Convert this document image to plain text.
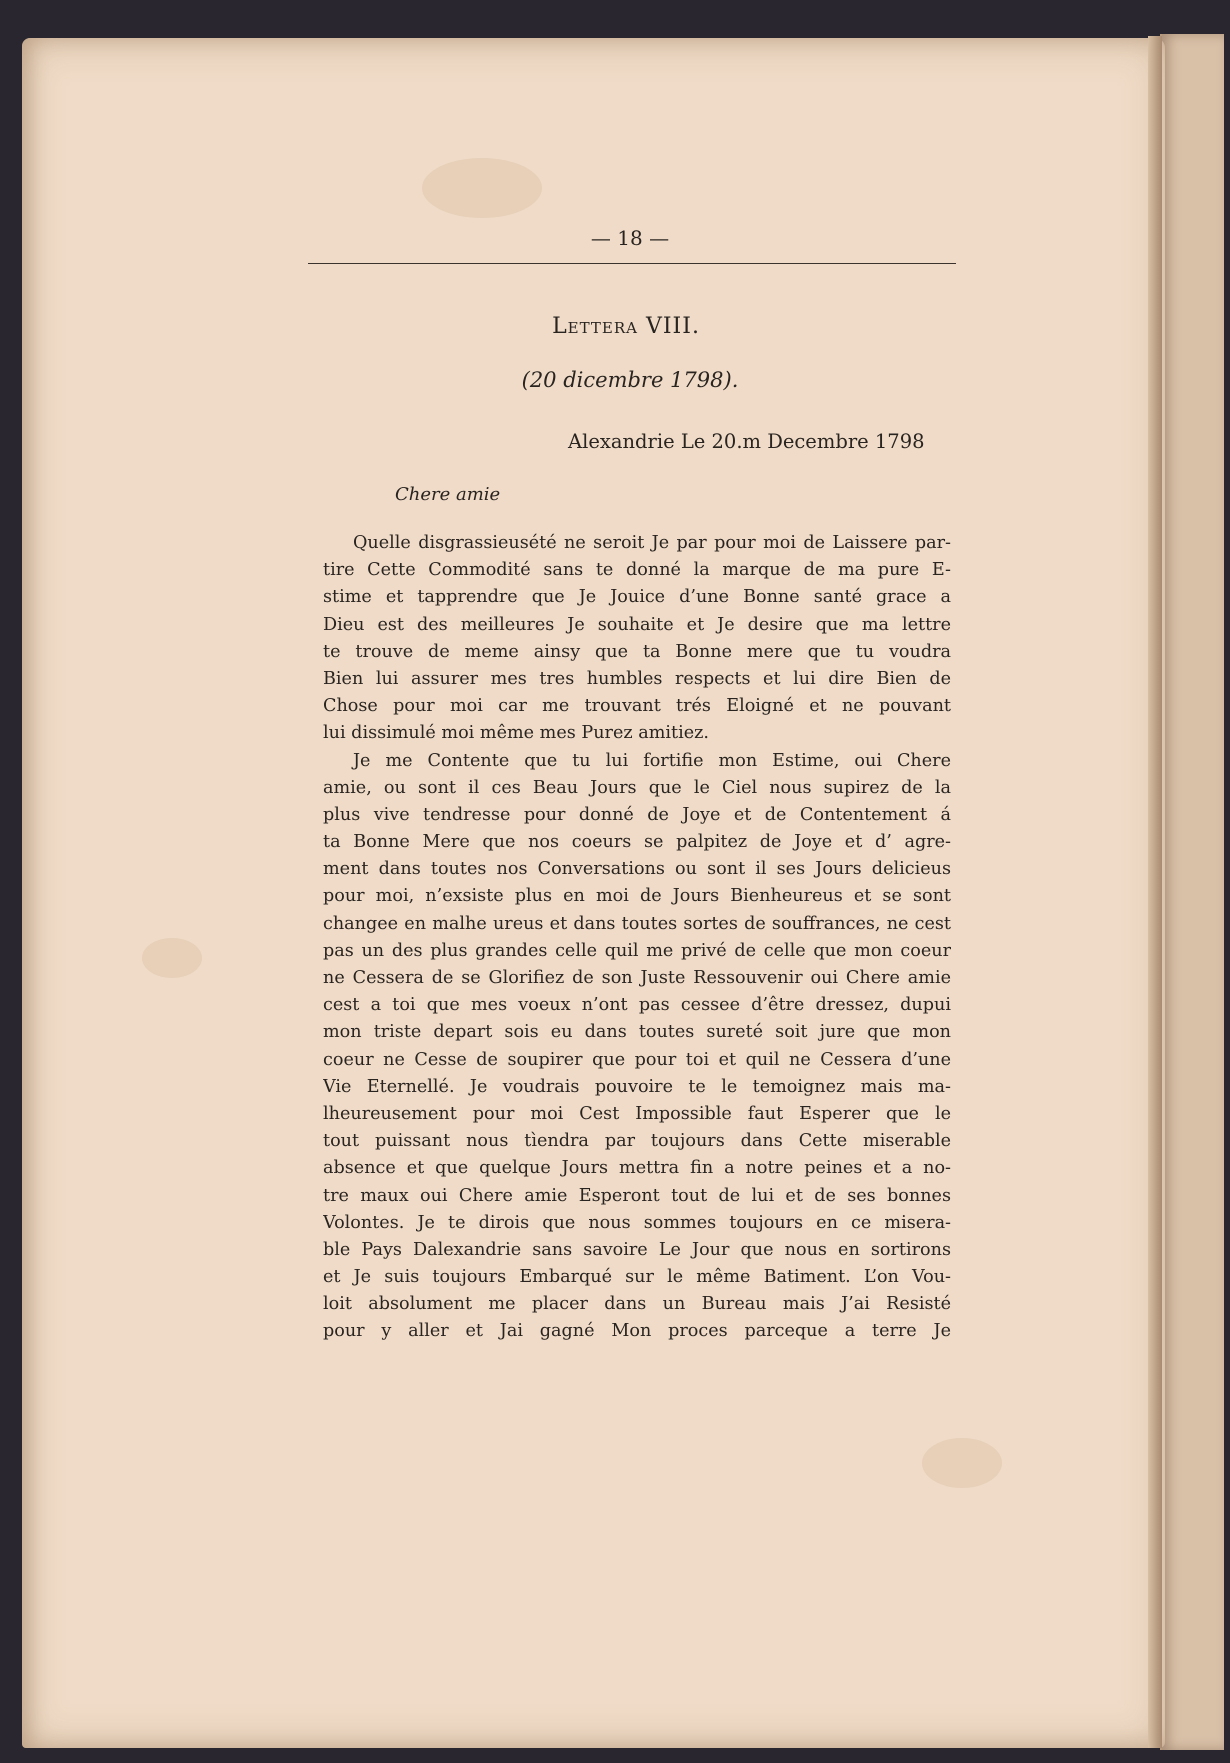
— 18 —
Lettera VIII.
(20 dicembre 1798).
Alexandrie Le 20.m Decembre 1798
Chere amie
Quelle disgrassieusété ne seroit Je par pour moi de Laissere par-
tire Cette Commodité sans te donné la marque de ma pure E-
stime et tapprendre que Je Jouice d’une Bonne santé grace a
Dieu est des meilleures Je souhaite et Je desire que ma lettre
te trouve de meme ainsy que ta Bonne mere que tu voudra
Bien lui assurer mes tres humbles respects et lui dire Bien de
Chose pour moi car me trouvant trés Eloigné et ne pouvant
lui dissimulé moi même mes Purez amitiez.
Je me Contente que tu lui fortifie mon Estime, oui Chere
amie, ou sont il ces Beau Jours que le Ciel nous supirez de la
plus vive tendresse pour donné de Joye et de Contentement á
ta Bonne Mere que nos coeurs se palpitez de Joye et d’ agre-
ment dans toutes nos Conversations ou sont il ses Jours delicieus
pour moi, n’exsiste plus en moi de Jours Bienheureus et se sont
changee en malhe ureus et dans toutes sortes de souffrances, ne cest
pas un des plus grandes celle quil me privé de celle que mon coeur
ne Cessera de se Glorifiez de son Juste Ressouvenir oui Chere amie
cest a toi que mes voeux n’ont pas cessee d’être dressez, dupui
mon triste depart sois eu dans toutes sureté soit jure que mon
coeur ne Cesse de soupirer que pour toi et quil ne Cessera d’une
Vie Eternellé. Je voudrais pouvoire te le temoignez mais ma-
lheureusement pour moi Cest Impossible faut Esperer que le
tout puissant nous tìendra par toujours dans Cette miserable
absence et que quelque Jours mettra fin a notre peines et a no-
tre maux oui Chere amie Esperont tout de lui et de ses bonnes
Volontes. Je te dirois que nous sommes toujours en ce misera-
ble Pays Dalexandrie sans savoire Le Jour que nous en sortirons
et Je suis toujours Embarqué sur le même Batiment. L’on Vou-
loit absolument me placer dans un Bureau mais J’ai Resisté
pour y aller et Jai gagné Mon proces parceque a terre Je
